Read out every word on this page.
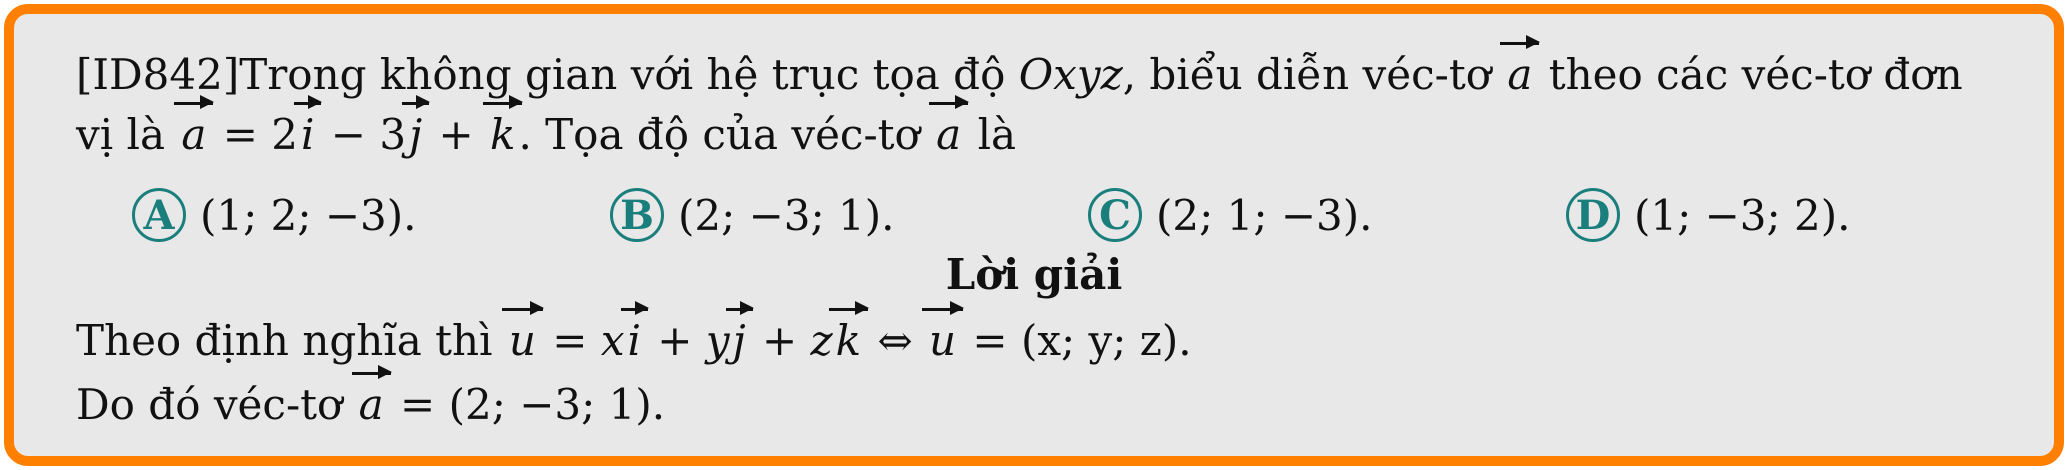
[ID842]Trong không gian với hệ trục tọa độ Oxyz, biểu diễn véc-tơ a theo các véc-tơ đơn
vị là a = 2i − 3j + k. Tọa độ của véc-tơ a là
A (1; 2; −3).	B (2; −3; 1).	C (2; 1; −3).	D (1; −3; 2).
Lời giải
Theo định nghĩa thì u = xi + yj + zk ⇔ u = (x; y; z).
Do đó véc-tơ a = (2; −3; 1).
